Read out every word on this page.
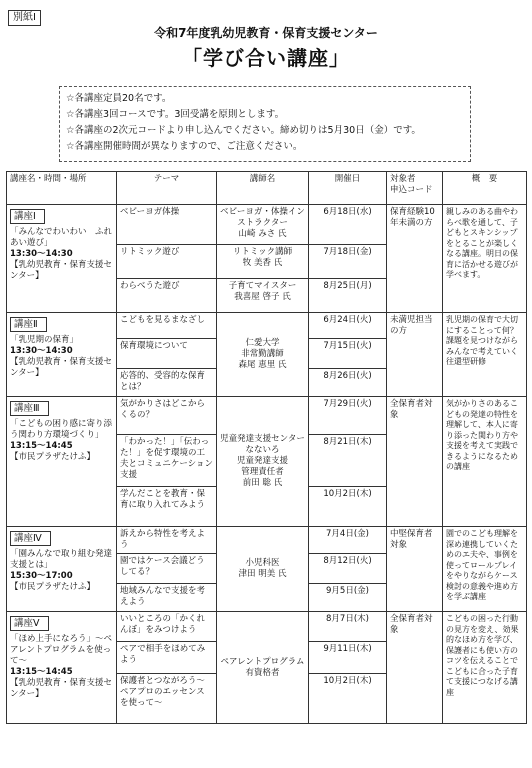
別紙Ⅰ
令和7年度乳幼児教育・保育支援センター
「学び合い講座」
☆各講座定員20名です。
☆各講座3回コースです。3回受講を原則とします。
☆各講座の2次元コードより申し込んでください。締め切りは5月30日（金）です。
☆各講座開催時間が異なりますので、ご注意ください。
講座名・時間・場所	テーマ	講師名	開催日	対象者
申込コード	概　要
講座Ⅰ
「みんなでわいわい　ふれあい遊び」
13:30～14:30
【乳幼児教育・保育支援センター】	ベビーヨガ体操	ベビーヨガ・体操インストラクター
山崎 みさ 氏	6月18日(水)	保育経験10年未満の方	親しみのある曲やわらべ歌を通して、子どもとスキンシップをとることが楽しくなる講座。明日の保育に活かせる遊びが学べます。
	リトミック遊び	リトミック講師
牧 美香 氏	7月18日(金)		
	わらべうた遊び	子育てマイスター
我喜屋 啓子 氏	8月25日(月)		
講座Ⅱ
「乳児期の保育」
13:30～14:30
【乳幼児教育・保育支援センター】	こどもを見るまなざし	仁愛大学
非常勤講師
森尾 恵里 氏	6月24日(火)	未満児担当の方	乳児期の保育で大切にすることって何？課題を見つけながらみんなで考えていく往還型研修
	保育環境について		7月15日(火)		
	応答的、受容的な保育とは？		8月26日(火)		
講座Ⅲ
「こどもの困り感に寄り添う関わり方環境づくり」
13:15～14:45
【市民プラザたけふ】	気がかりさはどこからくるの？	児童発達支援センターなないろ
児童発達支援
管理責任者
前田 聡 氏	7月29日(火)	全保育者対象	気がかりさのあるこどもの発達の特性を理解して、本人に寄り添った関わり方や支援を考えて実践できるようになるための講座
	「わかった！」「伝わった！」を促す環境の工夫とコミュニケーション支援		8月21日(木)		
	学んだことを教育・保育に取り入れてみよう		10月2日(木)		
講座Ⅳ
「園みんなで取り組む発達支援とは」
15:30～17:00
【市民プラザたけふ】	訴えから特性を考えよう	小児科医
津田 明美 氏	7月4日(金)	中堅保育者対象	園でのこども理解を深め連携していくためのエ夫や、事例を使ってロールプレイをやりながらケース検討の意義や進め方を学ぶ講座
	園ではケース会議どうしてる？		8月12日(火)		
	地域みんなで支援を考えよう		9月5日(金)		
講座Ⅴ
「ほめ上手になろう」～ペアレントプログラムを使って～
13:15～14:45
【乳幼児教育・保育支援センター】	いいところの「かくれんぼ」をみつけよう	ペアレントプログラム有資格者	8月7日(木)	全保育者対象	こどもの困った行動の見方を変え、効果的なほめ方を学び、保護者にも使い方のコツを伝えることでこどもに合った子育て支援につなげる講座
	ペアで相手をほめてみよう		9月11日(木)		
	保護者とつながろう～ペアプロのエッセンスを使って～		10月2日(木)		
